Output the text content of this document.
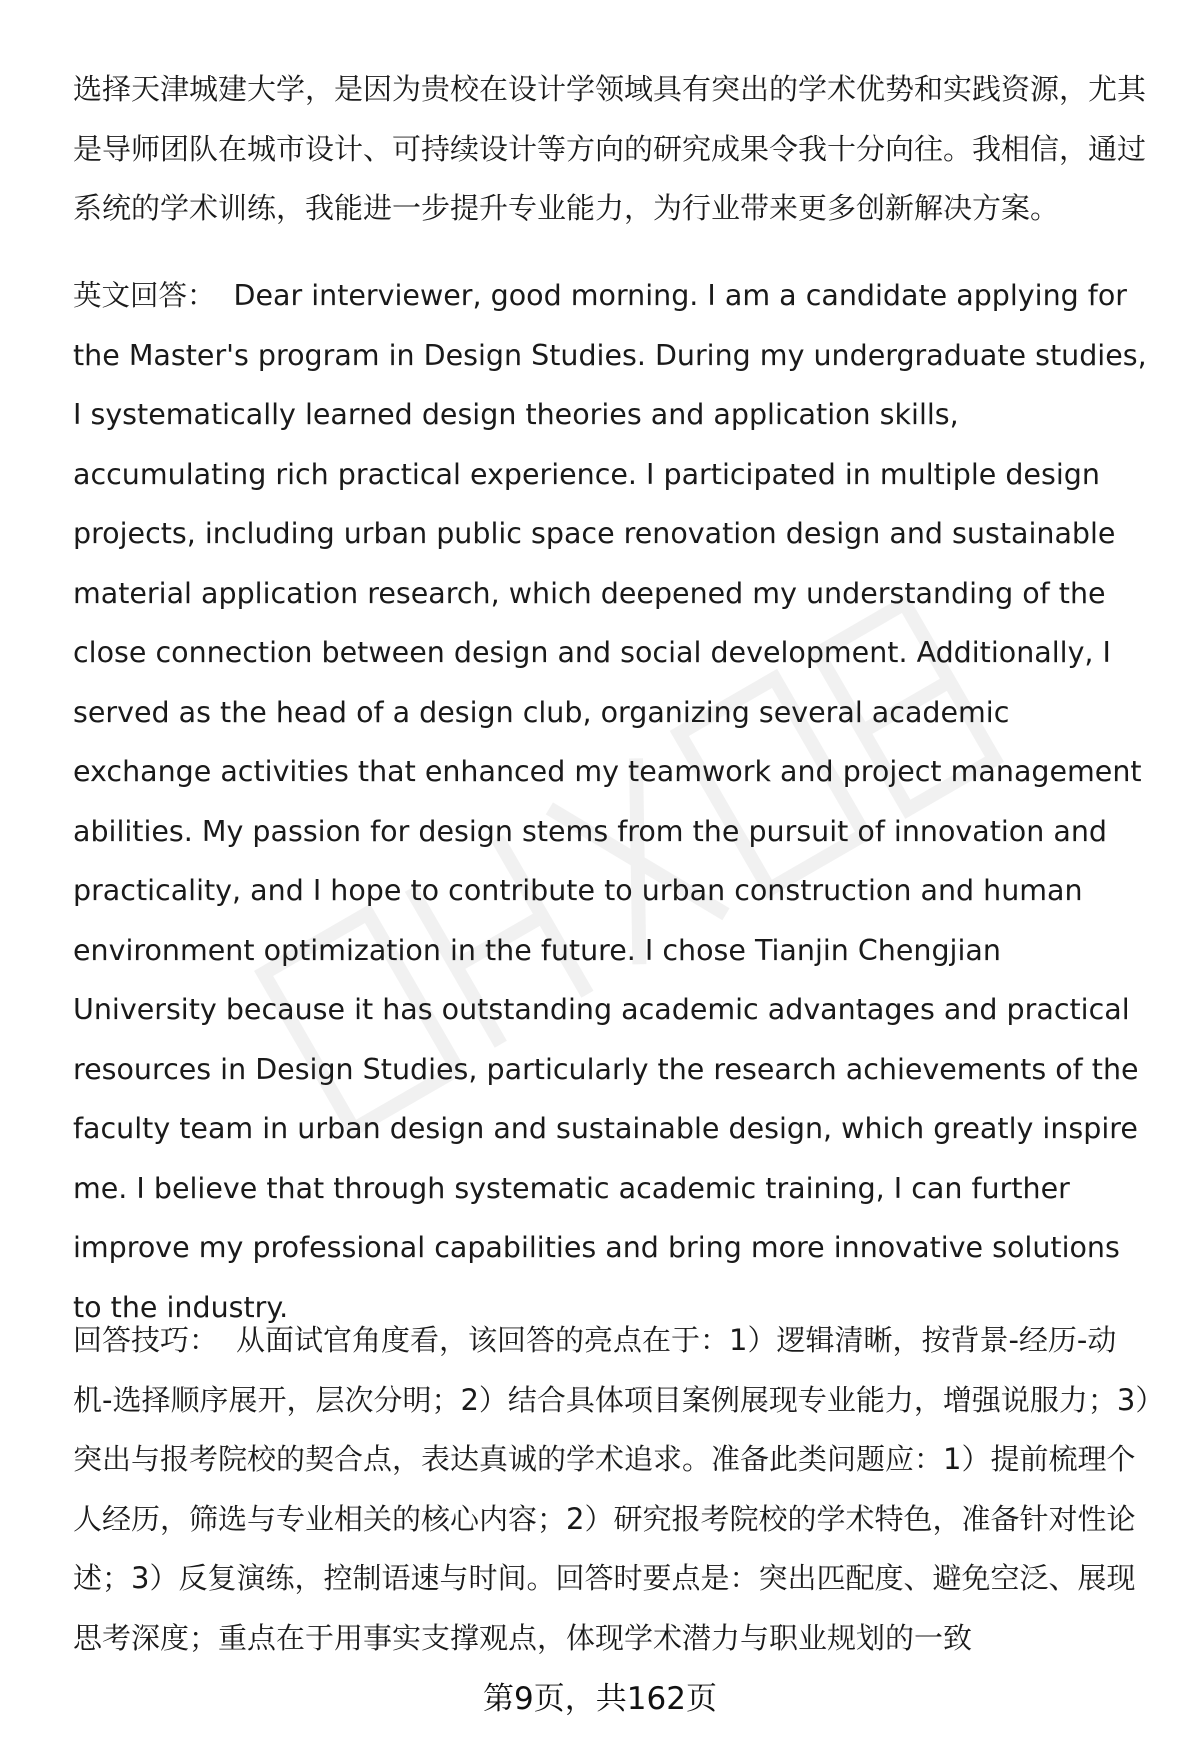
选择天津城建大学，是因为贵校在设计学领域具有突出的学术优势和实践资源，尤其是导师团队在城市设计、可持续设计等方向的研究成果令我十分向往。我相信，通过系统的学术训练，我能进一步提升专业能力，为行业带来更多创新解决方案。

英文回答： Dear interviewer, good morning. I am a candidate applying for the Master's program in Design Studies. During my undergraduate studies, I systematically learned design theories and application skills, accumulating rich practical experience. I participated in multiple design projects, including urban public space renovation design and sustainable material application research, which deepened my understanding of the close connection between design and social development. Additionally, I served as the head of a design club, organizing several academic exchange activities that enhanced my teamwork and project management abilities. My passion for design stems from the pursuit of innovation and practicality, and I hope to contribute to urban construction and human environment optimization in the future. I chose Tianjin Chengjian University because it has outstanding academic advantages and practical resources in Design Studies, particularly the research achievements of the faculty team in urban design and sustainable design, which greatly inspire me. I believe that through systematic academic training, I can further improve my professional capabilities and bring more innovative solutions to the industry.

回答技巧： 从面试官角度看，该回答的亮点在于：1）逻辑清晰，按背景-经历-动机-选择顺序展开，层次分明；2）结合具体项目案例展现专业能力，增强说服力；3）突出与报考院校的契合点，表达真诚的学术追求。准备此类问题应：1）提前梳理个人经历，筛选与专业相关的核心内容；2）研究报考院校的学术特色，准备针对性论述；3）反复演练，控制语速与时间。回答时要点是：突出匹配度、避免空泛、展现思考深度；重点在于用事实支撑观点，体现学术潜力与职业规划的一致

第9页，共162页
